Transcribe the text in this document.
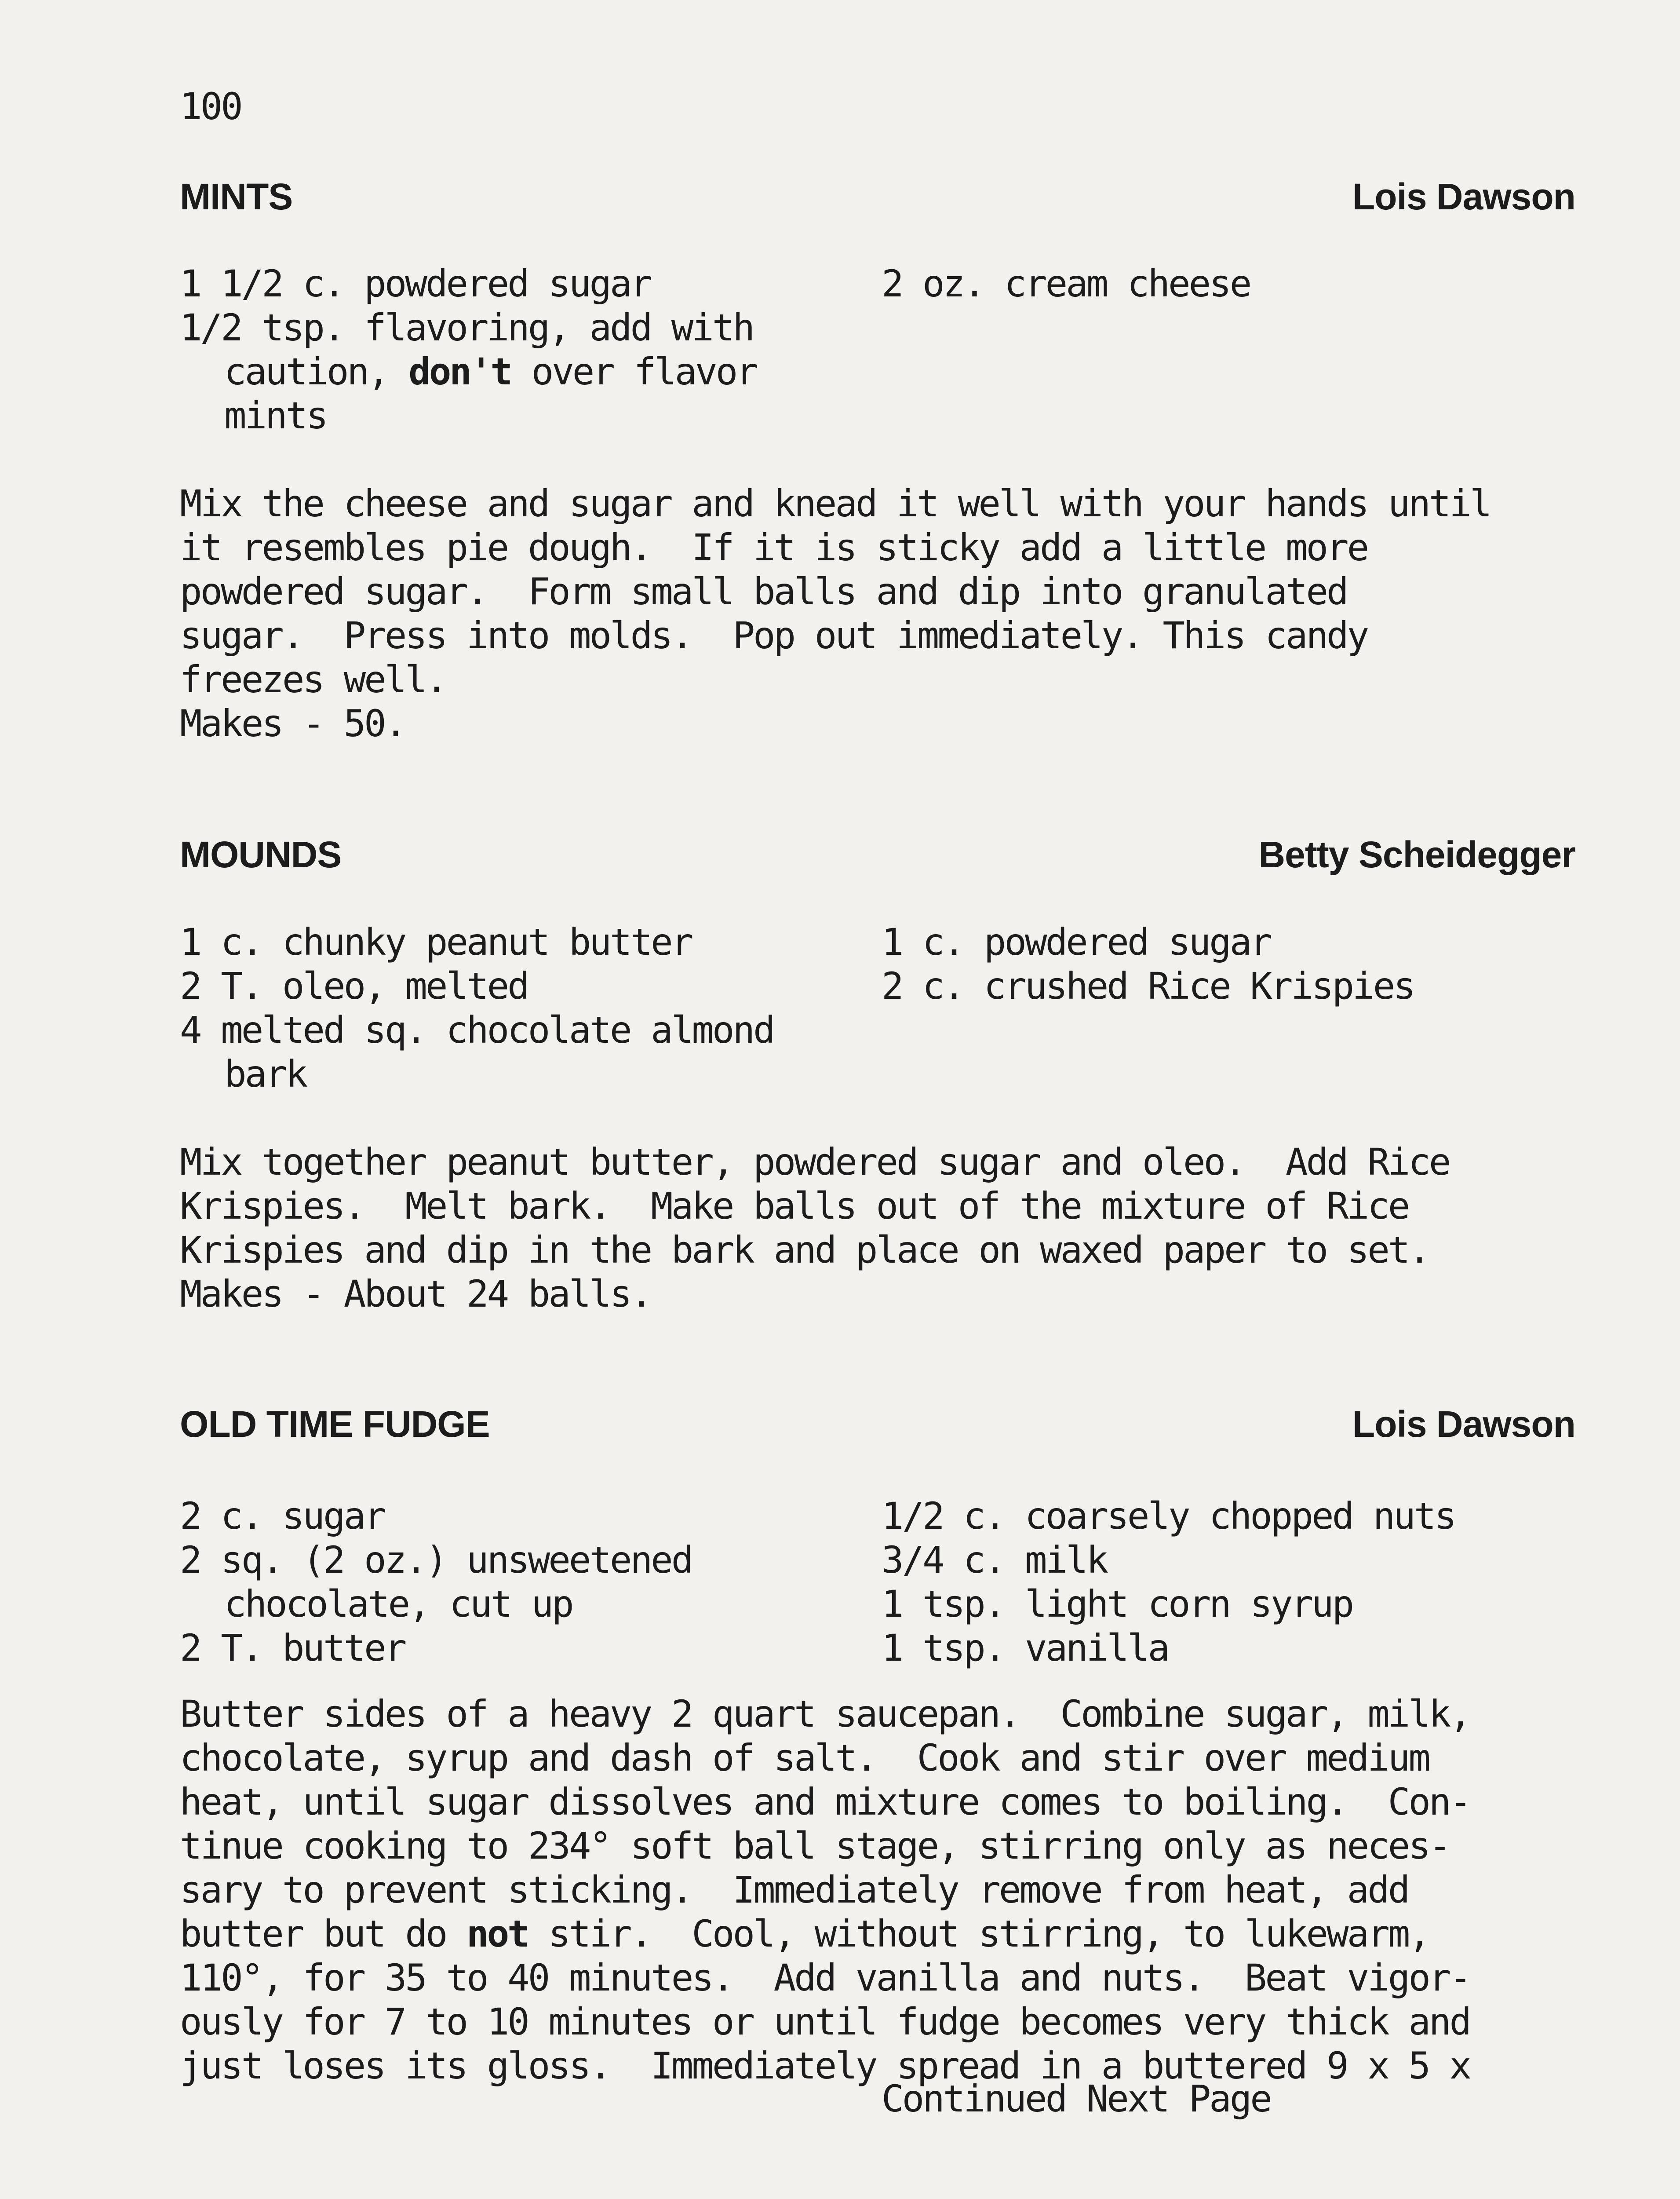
100
MINTS	Lois Dawson
1 1/2 c. powdered sugar	2 oz. cream cheese
1/2 tsp. flavoring, add with
caution, don't over flavor
mints
Mix the cheese and sugar and knead it well with your hands until
it resembles pie dough.  If it is sticky add a little more
powdered sugar.  Form small balls and dip into granulated
sugar.  Press into molds.  Pop out immediately. This candy
freezes well.
Makes - 50.
MOUNDS	Betty Scheidegger
1 c. chunky peanut butter	1 c. powdered sugar
2 T. oleo, melted	2 c. crushed Rice Krispies
4 melted sq. chocolate almond
bark
Mix together peanut butter, powdered sugar and oleo.  Add Rice
Krispies.  Melt bark.  Make balls out of the mixture of Rice
Krispies and dip in the bark and place on waxed paper to set.
Makes - About 24 balls.
OLD TIME FUDGE	Lois Dawson
2 c. sugar	1/2 c. coarsely chopped nuts
2 sq. (2 oz.) unsweetened	3/4 c. milk
chocolate, cut up	1 tsp. light corn syrup
2 T. butter	1 tsp. vanilla
Butter sides of a heavy 2 quart saucepan.  Combine sugar, milk,
chocolate, syrup and dash of salt.  Cook and stir over medium
heat, until sugar dissolves and mixture comes to boiling.  Con-
tinue cooking to 234° soft ball stage, stirring only as neces-
sary to prevent sticking.  Immediately remove from heat, add
butter but do not stir.  Cool, without stirring, to lukewarm,
110°, for 35 to 40 minutes.  Add vanilla and nuts.  Beat vigor-
ously for 7 to 10 minutes or until fudge becomes very thick and
just loses its gloss.  Immediately spread in a buttered 9 x 5 x
Continued Next Page
